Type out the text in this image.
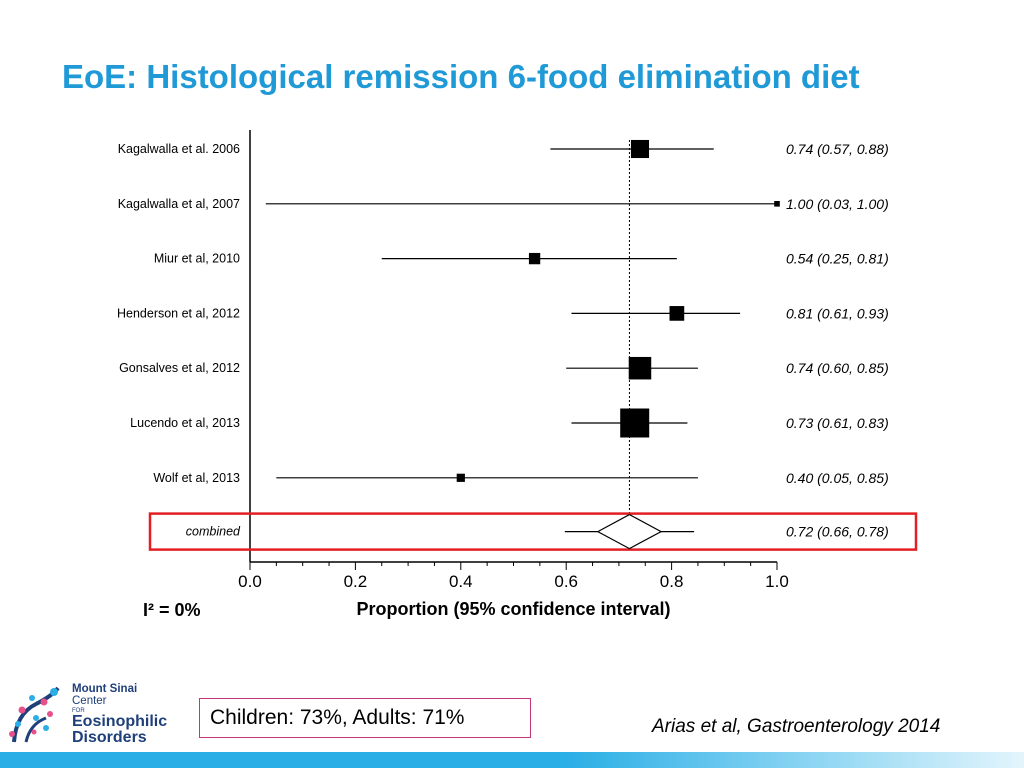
EoE: Histological remission 6-food elimination diet
0.0	0.2	0.4	0.6	0.8	1.0
Proportion (95% confidence interval)
I² = 0%
Kagalwalla et al. 2006	0.74 (0.57, 0.88)
Kagalwalla et al, 2007	1.00 (0.03, 1.00)
Miur et al, 2010	0.54 (0.25, 0.81)
Henderson et al, 2012	0.81 (0.61, 0.93)
Gonsalves et al, 2012	0.74 (0.60, 0.85)
Lucendo et al, 2013	0.73 (0.61, 0.83)
Wolf et al, 2013	0.40 (0.05, 0.85)
combined	0.72 (0.66, 0.78)
Mount Sinai
Center
FOR
Eosinophilic
Disorders
Children: 73%, Adults: 71%	Arias et al, Gastroenterology 2014
